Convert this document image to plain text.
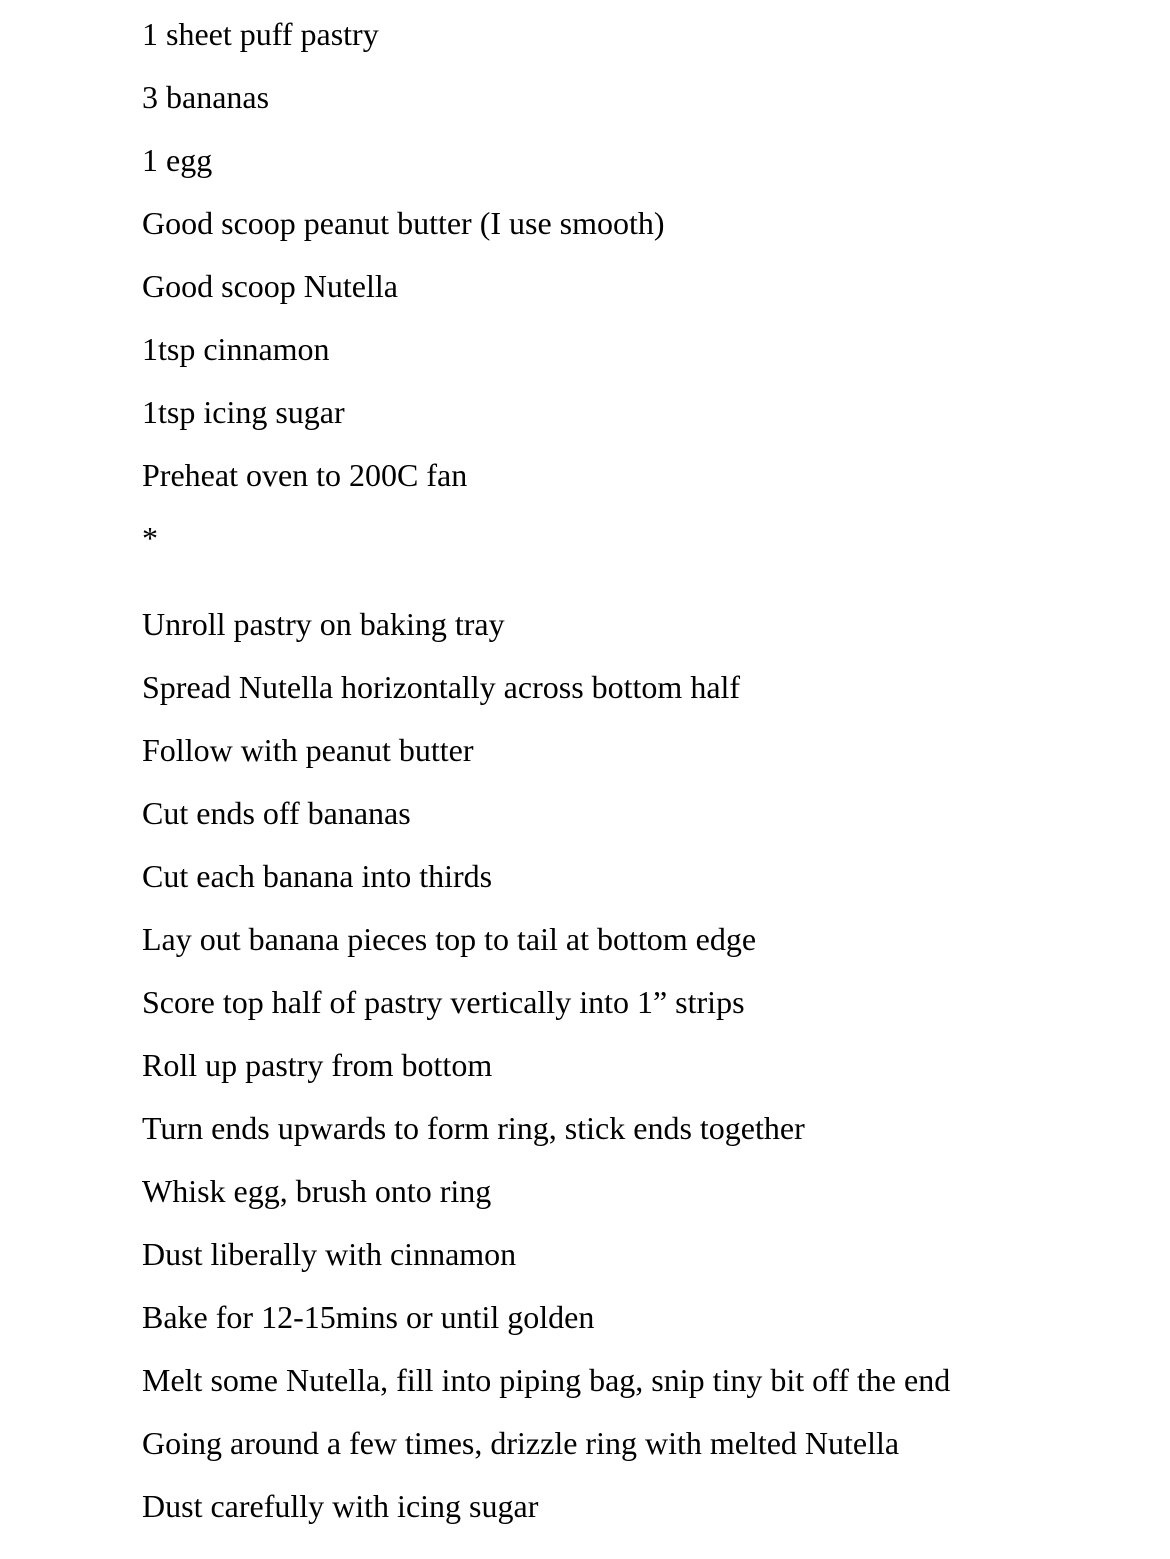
1 sheet puff pastry
3 bananas
1 egg
Good scoop peanut butter (I use smooth)
Good scoop Nutella
1tsp cinnamon
1tsp icing sugar
Preheat oven to 200C fan
*
Unroll pastry on baking tray
Spread Nutella horizontally across bottom half
Follow with peanut butter
Cut ends off bananas
Cut each banana into thirds
Lay out banana pieces top to tail at bottom edge
Score top half of pastry vertically into 1” strips
Roll up pastry from bottom
Turn ends upwards to form ring, stick ends together
Whisk egg, brush onto ring
Dust liberally with cinnamon
Bake for 12-15mins or until golden
Melt some Nutella, fill into piping bag, snip tiny bit off the end
Going around a few times, drizzle ring with melted Nutella
Dust carefully with icing sugar
